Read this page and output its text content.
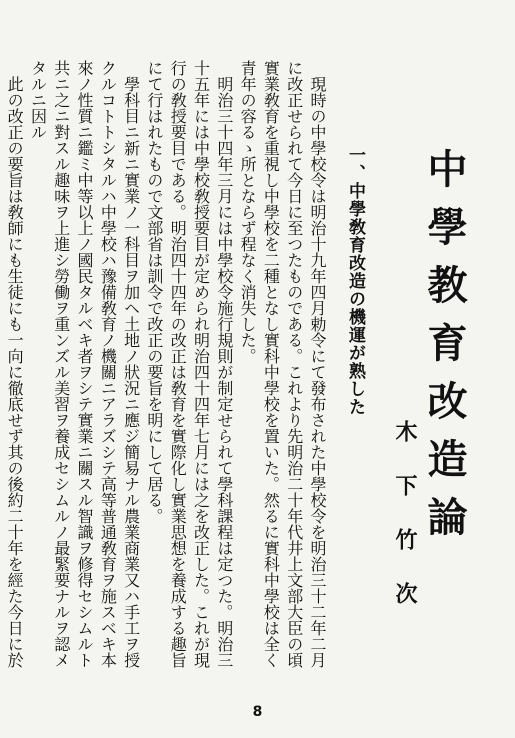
中學教育改造論
木下竹次
一、中學敎育改造の機運が熟した

現時の中學校令は明治十九年四月勅令にて發布された中學校令を明治三十二年二月に改正せられて今日に至つたものである。これより先明治二十年代井上文部大臣の頃實業敎育を重視し中學校を二種となし實科中學校を置いた。然るに實科中學校は全く青年の容るゝ所とならず程なく消失した。

明治三十四年三月には中學校令施行規則が制定せられて學科課程は定つた。明治三十五年には中學校敎授要目が定められ明治四十四年七月には之を改正した。これが現行の敎授要目である。明治四十四年の改正は敎育を實際化し實業思想を養成する趣旨にて行はれたもので文部省は訓令で改正の要旨を明にして居る。

學科目ニ新ニ實業ノ一科目ヲ加ヘ土地ノ狀況ニ應ジ簡易ナル農業商業又ハ手工ヲ授クルコトトシタルハ中學校ハ豫備敎育ノ機關ニアラズシテ高等普通敎育ヲ施スベキ本來ノ性質ニ鑑ミ中等以上ノ國民タルベキ者ヲシテ實業ニ關スル智識ヲ修得セシムルト共ニ之ニ對スル趣味ヲ上進シ勞働ヲ重ンズル美習ヲ養成セシムルノ最緊要ナルヲ認メタルニ因ル

此の改正の要旨は敎師にも生徒にも一向に徹底せず其の後約二十年を經た今日に於

8
